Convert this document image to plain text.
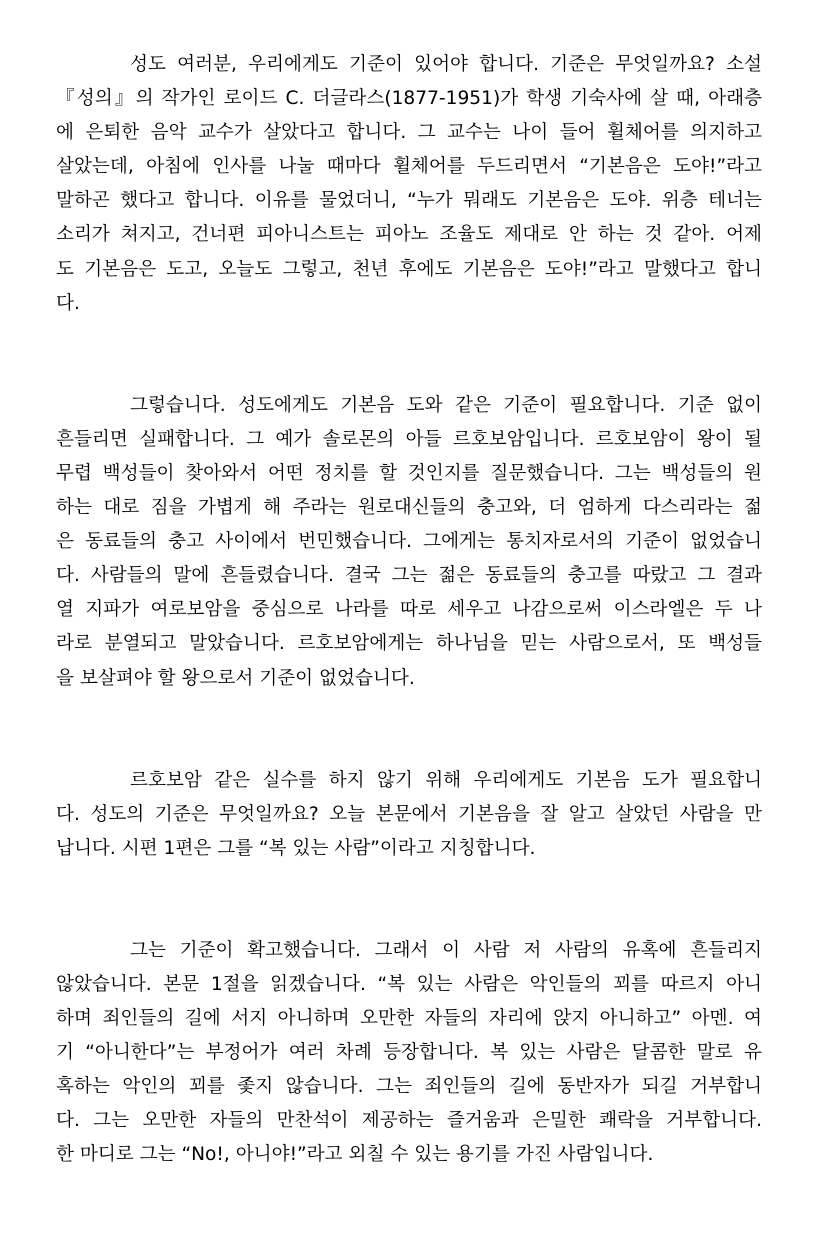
성도 여러분, 우리에게도 기준이 있어야 합니다. 기준은 무엇일까요? 소설
『성의』의 작가인 로이드 C. 더글라스(1877-1951)가 학생 기숙사에 살 때, 아래층
에 은퇴한 음악 교수가 살았다고 합니다. 그 교수는 나이 들어 휠체어를 의지하고
살았는데, 아침에 인사를 나눌 때마다 휠체어를 두드리면서 “기본음은 도야!”라고
말하곤 했다고 합니다. 이유를 물었더니, “누가 뭐래도 기본음은 도야. 위층 테너는
소리가 쳐지고, 건너편 피아니스트는 피아노 조율도 제대로 안 하는 것 같아. 어제
도 기본음은 도고, 오늘도 그렇고, 천년 후에도 기본음은 도야!”라고 말했다고 합니
다.

그렇습니다. 성도에게도 기본음 도와 같은 기준이 필요합니다. 기준 없이
흔들리면 실패합니다. 그 예가 솔로몬의 아들 르호보암입니다. 르호보암이 왕이 될
무렵 백성들이 찾아와서 어떤 정치를 할 것인지를 질문했습니다. 그는 백성들의 원
하는 대로 짐을 가볍게 해 주라는 원로대신들의 충고와, 더 엄하게 다스리라는 젊
은 동료들의 충고 사이에서 번민했습니다. 그에게는 통치자로서의 기준이 없었습니
다. 사람들의 말에 흔들렸습니다. 결국 그는 젊은 동료들의 충고를 따랐고 그 결과
열 지파가 여로보암을 중심으로 나라를 따로 세우고 나감으로써 이스라엘은 두 나
라로 분열되고 말았습니다. 르호보암에게는 하나님을 믿는 사람으로서, 또 백성들
을 보살펴야 할 왕으로서 기준이 없었습니다.

르호보암 같은 실수를 하지 않기 위해 우리에게도 기본음 도가 필요합니
다. 성도의 기준은 무엇일까요? 오늘 본문에서 기본음을 잘 알고 살았던 사람을 만
납니다. 시편 1편은 그를 “복 있는 사람”이라고 지칭합니다.

그는 기준이 확고했습니다. 그래서 이 사람 저 사람의 유혹에 흔들리지
않았습니다. 본문 1절을 읽겠습니다. “복 있는 사람은 악인들의 꾀를 따르지 아니
하며 죄인들의 길에 서지 아니하며 오만한 자들의 자리에 앉지 아니하고” 아멘. 여
기 “아니한다”는 부정어가 여러 차례 등장합니다. 복 있는 사람은 달콤한 말로 유
혹하는 악인의 꾀를 좇지 않습니다. 그는 죄인들의 길에 동반자가 되길 거부합니
다. 그는 오만한 자들의 만찬석이 제공하는 즐거움과 은밀한 쾌락을 거부합니다.
한 마디로 그는 “No!, 아니야!”라고 외칠 수 있는 용기를 가진 사람입니다.
